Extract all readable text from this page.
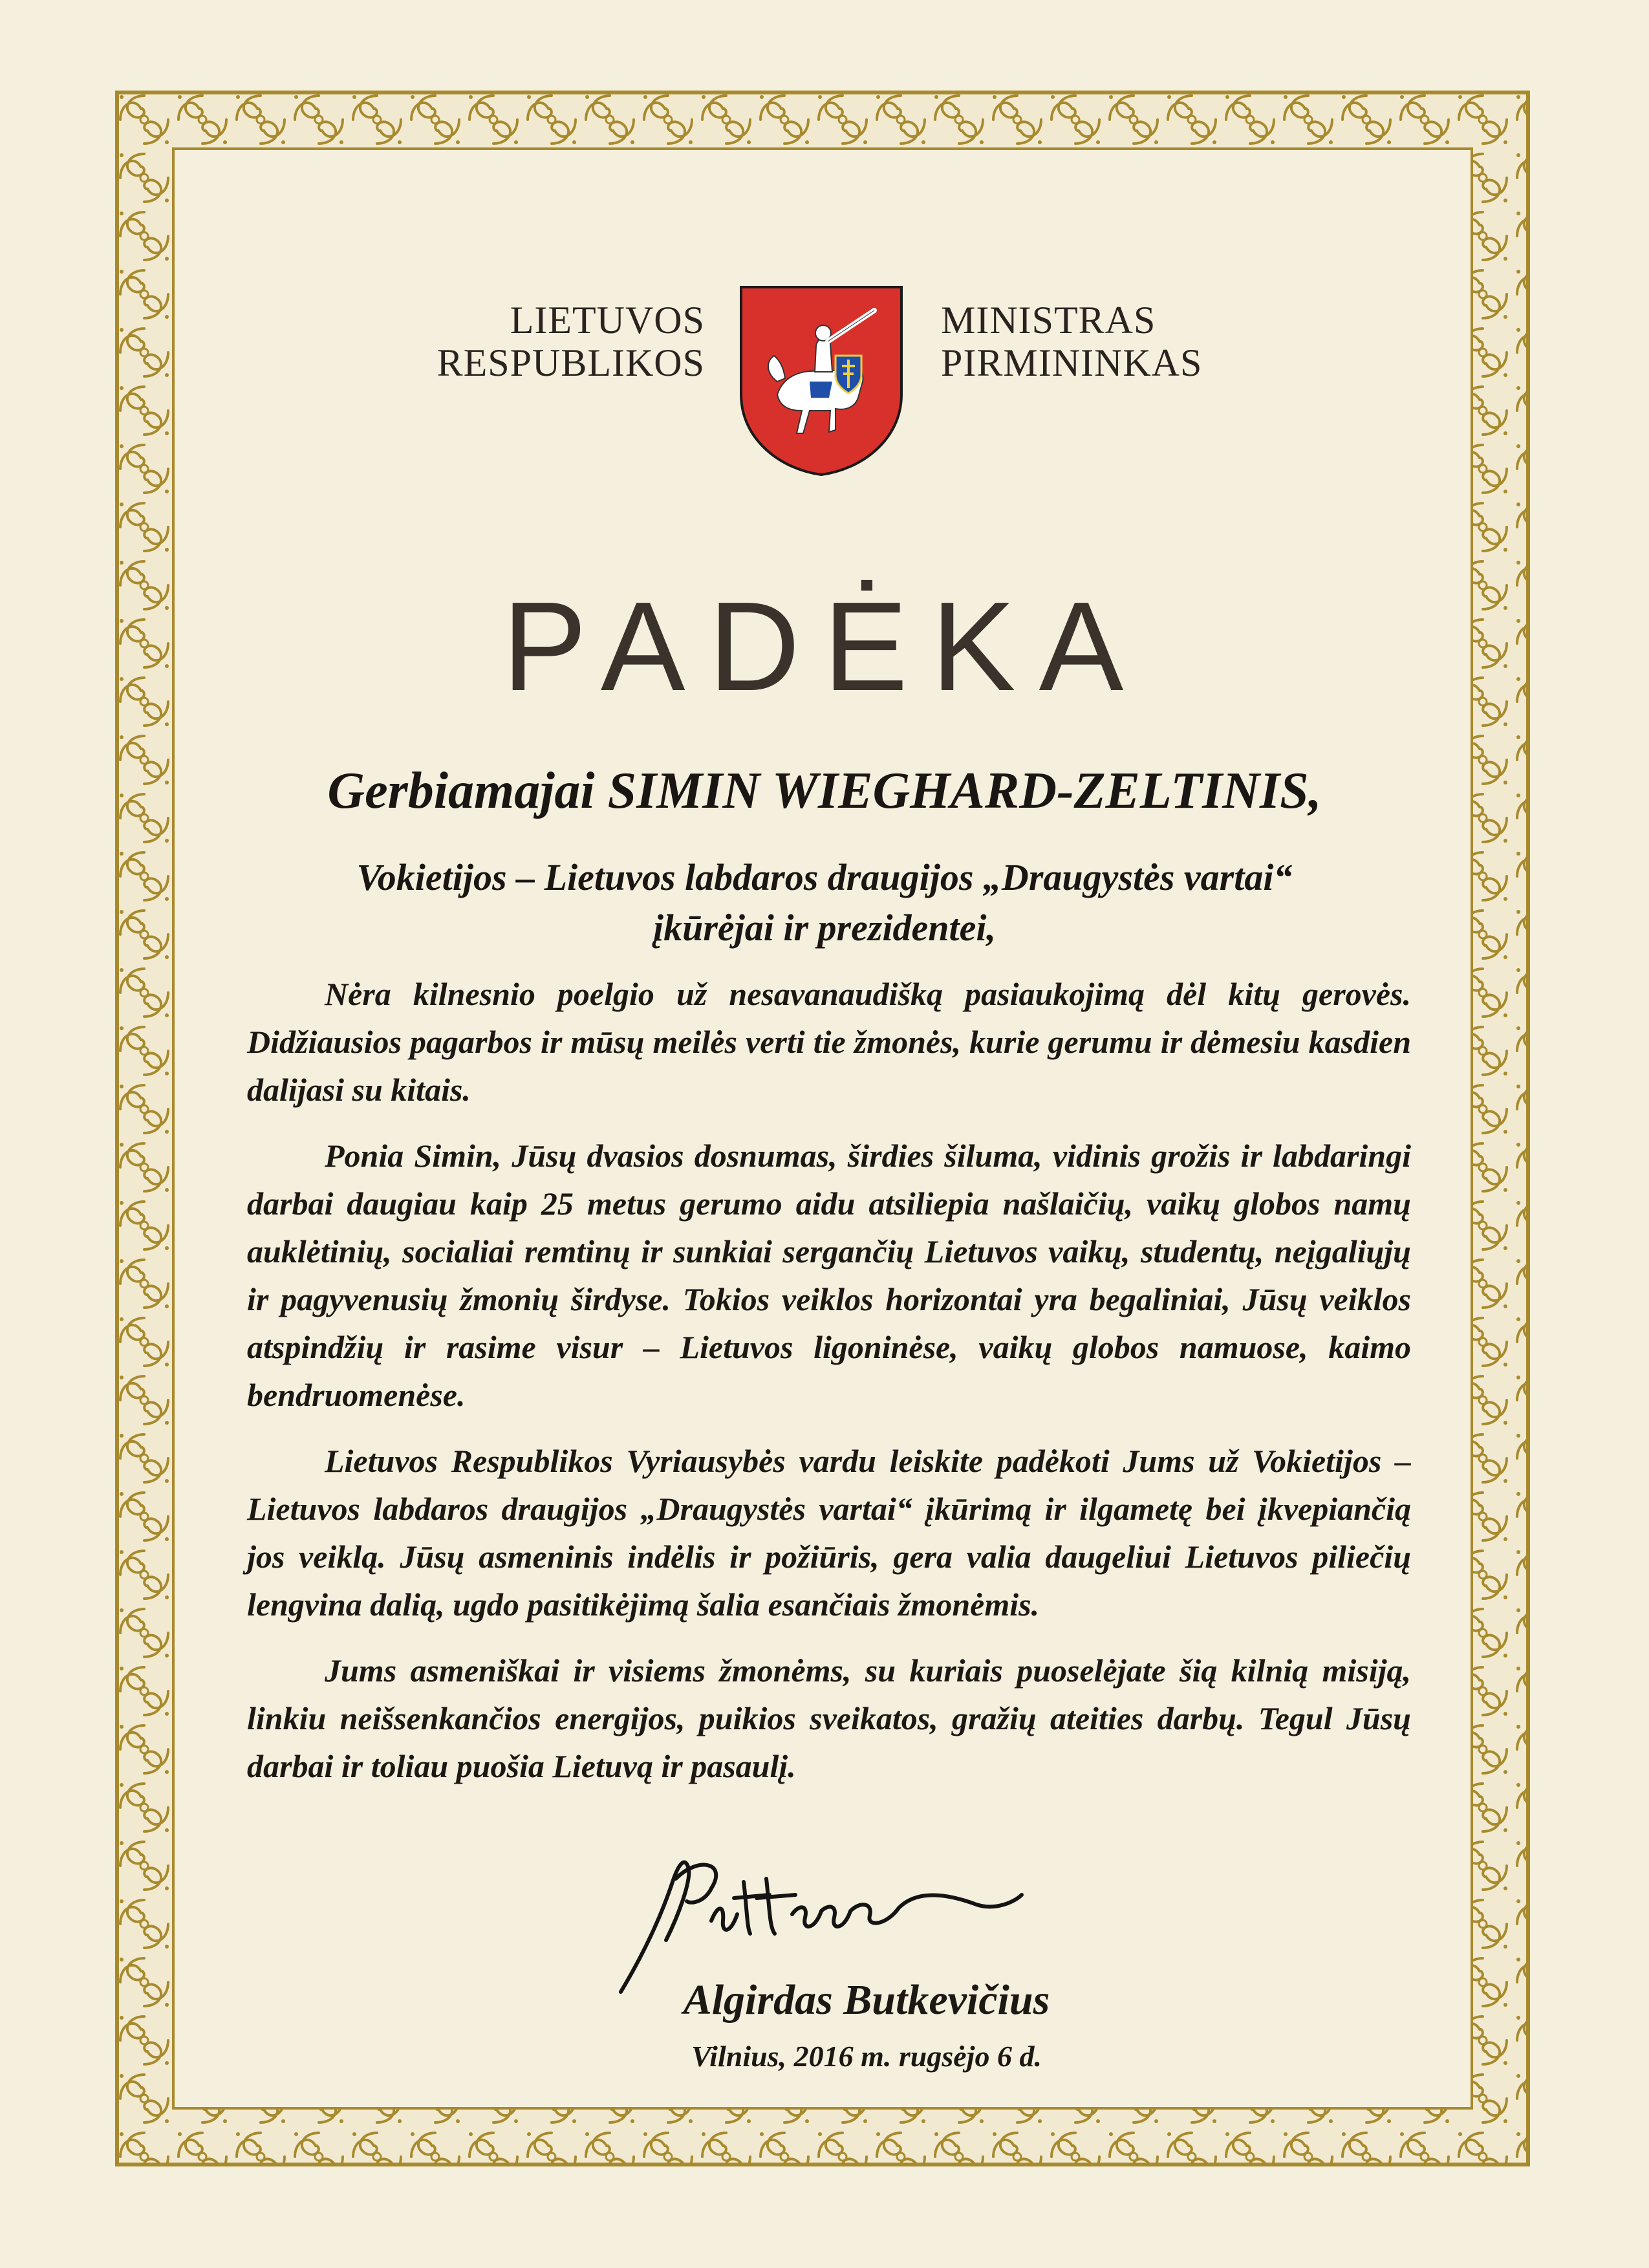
LIETUVOS
RESPUBLIKOS
MINISTRAS
PIRMININKAS
PADĖKA
Gerbiamajai SIMIN WIEGHARD-ZELTINIS,
Vokietijos – Lietuvos labdaros draugijos „Draugystės vartai“
įkūrėjai ir prezidentei,

Nėra kilnesnio poelgio už nesavanaudišką pasiaukojimą dėl kitų gerovės. Didžiausios pagarbos ir mūsų meilės verti tie žmonės, kurie gerumu ir dėmesiu kasdien dalijasi su kitais.

Ponia Simin, Jūsų dvasios dosnumas, širdies šiluma, vidinis grožis ir labdaringi darbai daugiau kaip 25 metus gerumo aidu atsiliepia našlaičių, vaikų globos namų auklėtinių, socialiai remtinų ir sunkiai sergančių Lietuvos vaikų, studentų, neįgaliųjų ir pagyvenusių žmonių širdyse. Tokios veiklos horizontai yra begaliniai, Jūsų veiklos atspindžių ir rasime visur – Lietuvos ligoninėse, vaikų globos namuose, kaimo bendruomenėse.

Lietuvos Respublikos Vyriausybės vardu leiskite padėkoti Jums už Vokietijos – Lietuvos labdaros draugijos „Draugystės vartai“ įkūrimą ir ilgametę bei įkvepiančią jos veiklą. Jūsų asmeninis indėlis ir požiūris, gera valia daugeliui Lietuvos piliečių lengvina dalią, ugdo pasitikėjimą šalia esančiais žmonėmis.

Jums asmeniškai ir visiems žmonėms, su kuriais puoselėjate šią kilnią misiją, linkiu neišsenkančios energijos, puikios sveikatos, gražių ateities darbų. Tegul Jūsų darbai ir toliau puošia Lietuvą ir pasaulį.

Algirdas Butkevičius
Vilnius, 2016 m. rugsėjo 6 d.
